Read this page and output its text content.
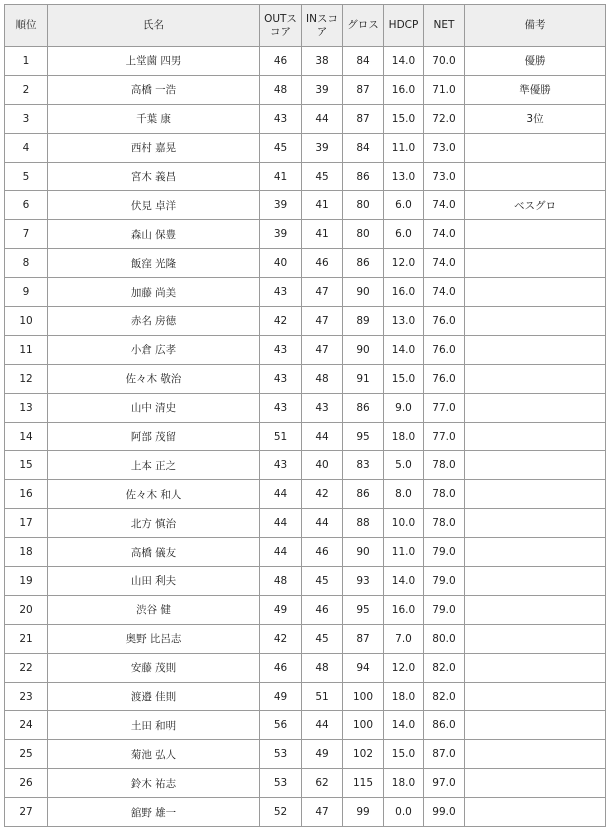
順位	氏名	OUTスコア	INスコア	グロス	HDCP	NET	備考
1	上堂薗 四男	46	38	84	14.0	70.0	優勝
2	高橋 一浩	48	39	87	16.0	71.0	準優勝
3	千葉 康	43	44	87	15.0	72.0	3位
4	西村 嘉晃	45	39	84	11.0	73.0	
5	宮木 義昌	41	45	86	13.0	73.0	
6	伏見 卓洋	39	41	80	6.0	74.0	ベスグロ
7	森山 保豊	39	41	80	6.0	74.0	
8	飯窪 光隆	40	46	86	12.0	74.0	
9	加藤 尚美	43	47	90	16.0	74.0	
10	赤名 房徳	42	47	89	13.0	76.0	
11	小倉 広孝	43	47	90	14.0	76.0	
12	佐々木 敬治	43	48	91	15.0	76.0	
13	山中 清史	43	43	86	9.0	77.0	
14	阿部 茂留	51	44	95	18.0	77.0	
15	上本 正之	43	40	83	5.0	78.0	
16	佐々木 和人	44	42	86	8.0	78.0	
17	北方 慎治	44	44	88	10.0	78.0	
18	高橋 儀友	44	46	90	11.0	79.0	
19	山田 利夫	48	45	93	14.0	79.0	
20	渋谷 健	49	46	95	16.0	79.0	
21	奥野 比呂志	42	45	87	7.0	80.0	
22	安藤 茂則	46	48	94	12.0	82.0	
23	渡邉 佳則	49	51	100	18.0	82.0	
24	土田 和明	56	44	100	14.0	86.0	
25	菊池 弘人	53	49	102	15.0	87.0	
26	鈴木 祐志	53	62	115	18.0	97.0	
27	舘野 雄一	52	47	99	0.0	99.0	
